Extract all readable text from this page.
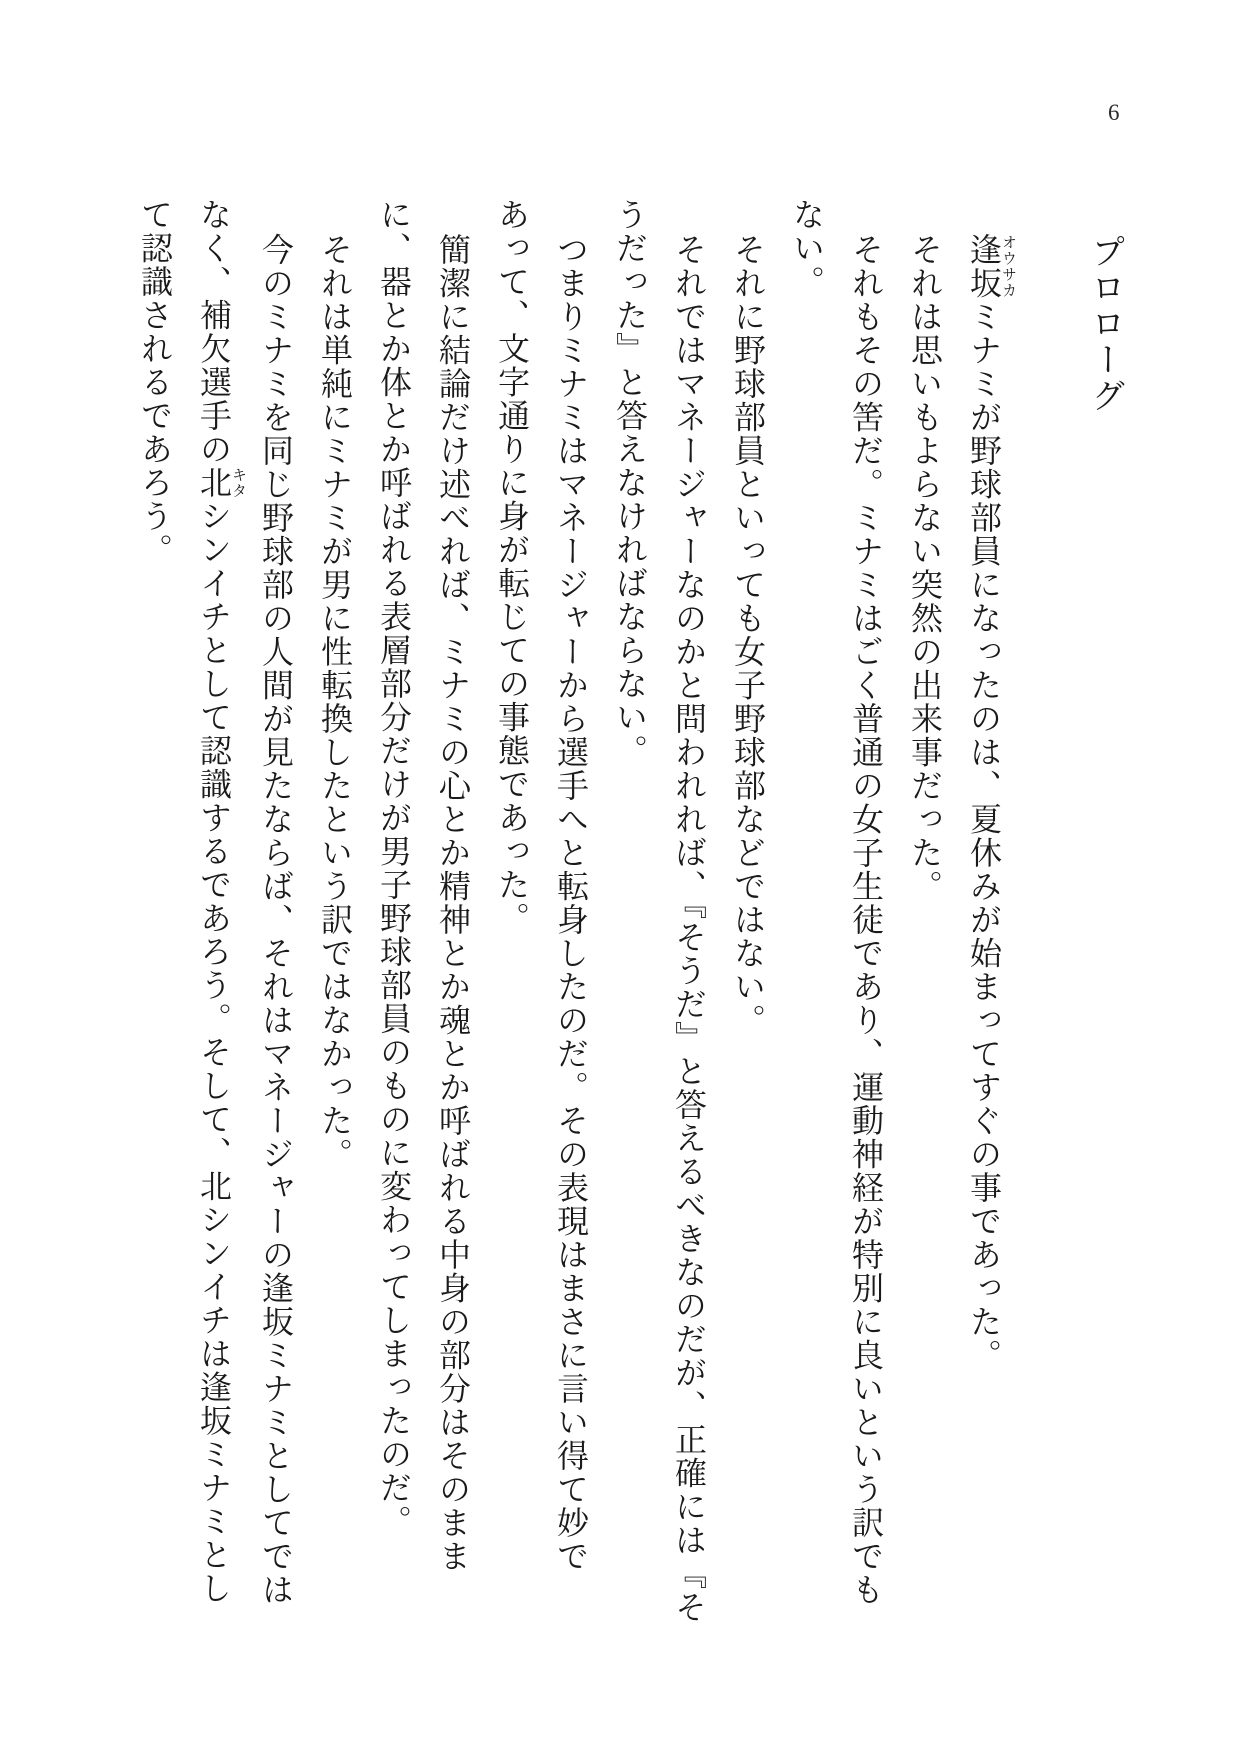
6
プロローグ
逢坂オウサカミナミが野球部員になったのは、夏休みが始まってすぐの事であった。
それは思いもよらない突然の出来事だった。
それもその筈だ。ミナミはごく普通の女子生徒であり、運動神経が特別に良いという訳でも
ない。
それに野球部員といっても女子野球部などではない。
それではマネージャーなのかと問われれば、『そうだ』と答えるべきなのだが、正確には『そ
うだった』と答えなければならない。
つまりミナミはマネージャーから選手へと転身したのだ。その表現はまさに言い得て妙で
あって、文字通りに身が転じての事態であった。
簡潔に結論だけ述べれば、ミナミの心とか精神とか魂とか呼ばれる中身の部分はそのまま
に、器とか体とか呼ばれる表層部分だけが男子野球部員のものに変わってしまったのだ。
それは単純にミナミが男に性転換したという訳ではなかった。
今のミナミを同じ野球部の人間が見たならば、それはマネージャーの逢坂ミナミとしてでは
なく、補欠選手の北キタシンイチとして認識するであろう。そして、北シンイチは逢坂ミナミとし
て認識されるであろう。
